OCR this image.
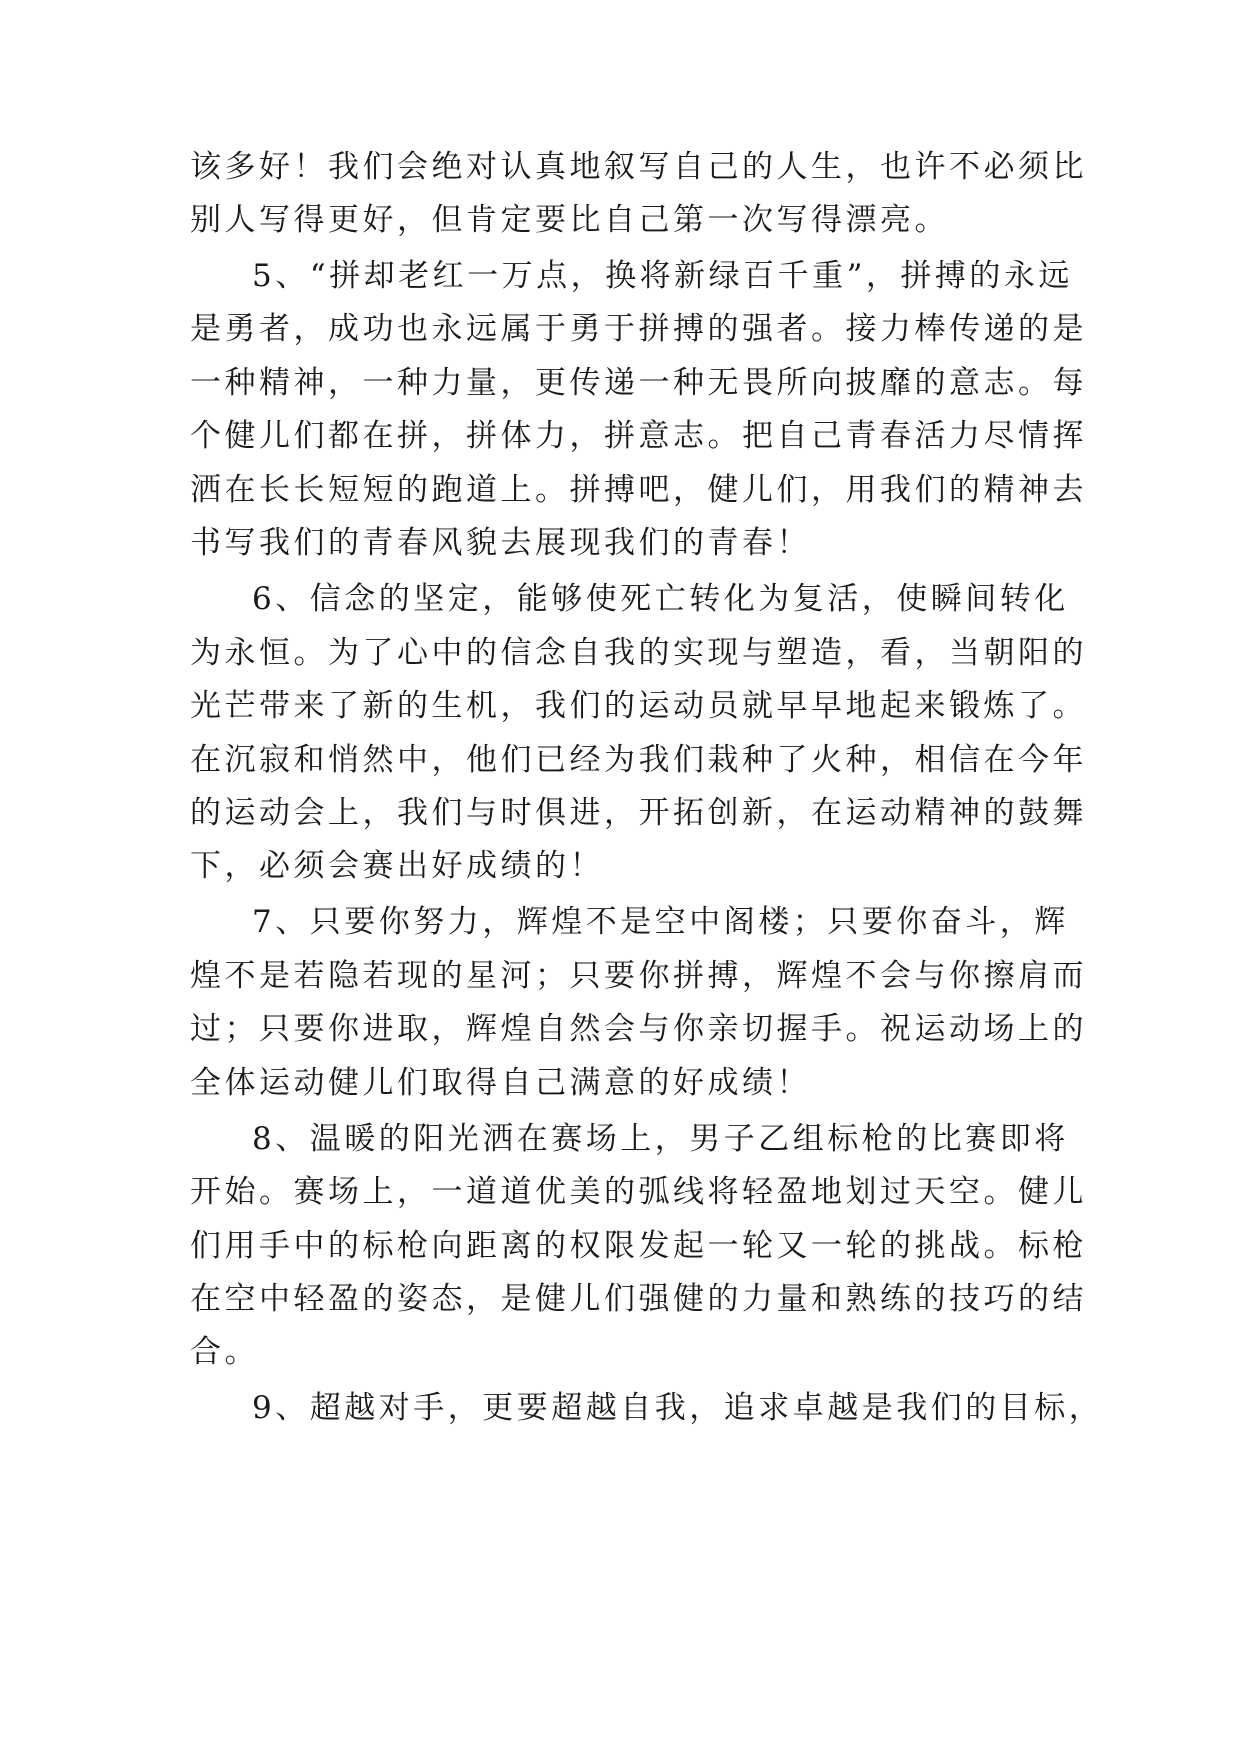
该多好！我们会绝对认真地叙写自己的人生，也许不必须比
别人写得更好，但肯定要比自己第一次写得漂亮。
5、“拼却老红一万点，换将新绿百千重”，拼搏的永远
是勇者，成功也永远属于勇于拼搏的强者。接力棒传递的是
一种精神，一种力量，更传递一种无畏所向披靡的意志。每
个健儿们都在拼，拼体力，拼意志。把自己青春活力尽情挥
洒在长长短短的跑道上。拼搏吧，健儿们，用我们的精神去
书写我们的青春风貌去展现我们的青春！
6、信念的坚定，能够使死亡转化为复活，使瞬间转化
为永恒。为了心中的信念自我的实现与塑造，看，当朝阳的
光芒带来了新的生机，我们的运动员就早早地起来锻炼了。
在沉寂和悄然中，他们已经为我们栽种了火种，相信在今年
的运动会上，我们与时俱进，开拓创新，在运动精神的鼓舞
下，必须会赛出好成绩的！
7、只要你努力，辉煌不是空中阁楼；只要你奋斗，辉
煌不是若隐若现的星河；只要你拼搏，辉煌不会与你擦肩而
过；只要你进取，辉煌自然会与你亲切握手。祝运动场上的
全体运动健儿们取得自己满意的好成绩！
8、温暖的阳光洒在赛场上，男子乙组标枪的比赛即将
开始。赛场上，一道道优美的弧线将轻盈地划过天空。健儿
们用手中的标枪向距离的权限发起一轮又一轮的挑战。标枪
在空中轻盈的姿态，是健儿们强健的力量和熟练的技巧的结
合。
9、超越对手，更要超越自我，追求卓越是我们的目标，
